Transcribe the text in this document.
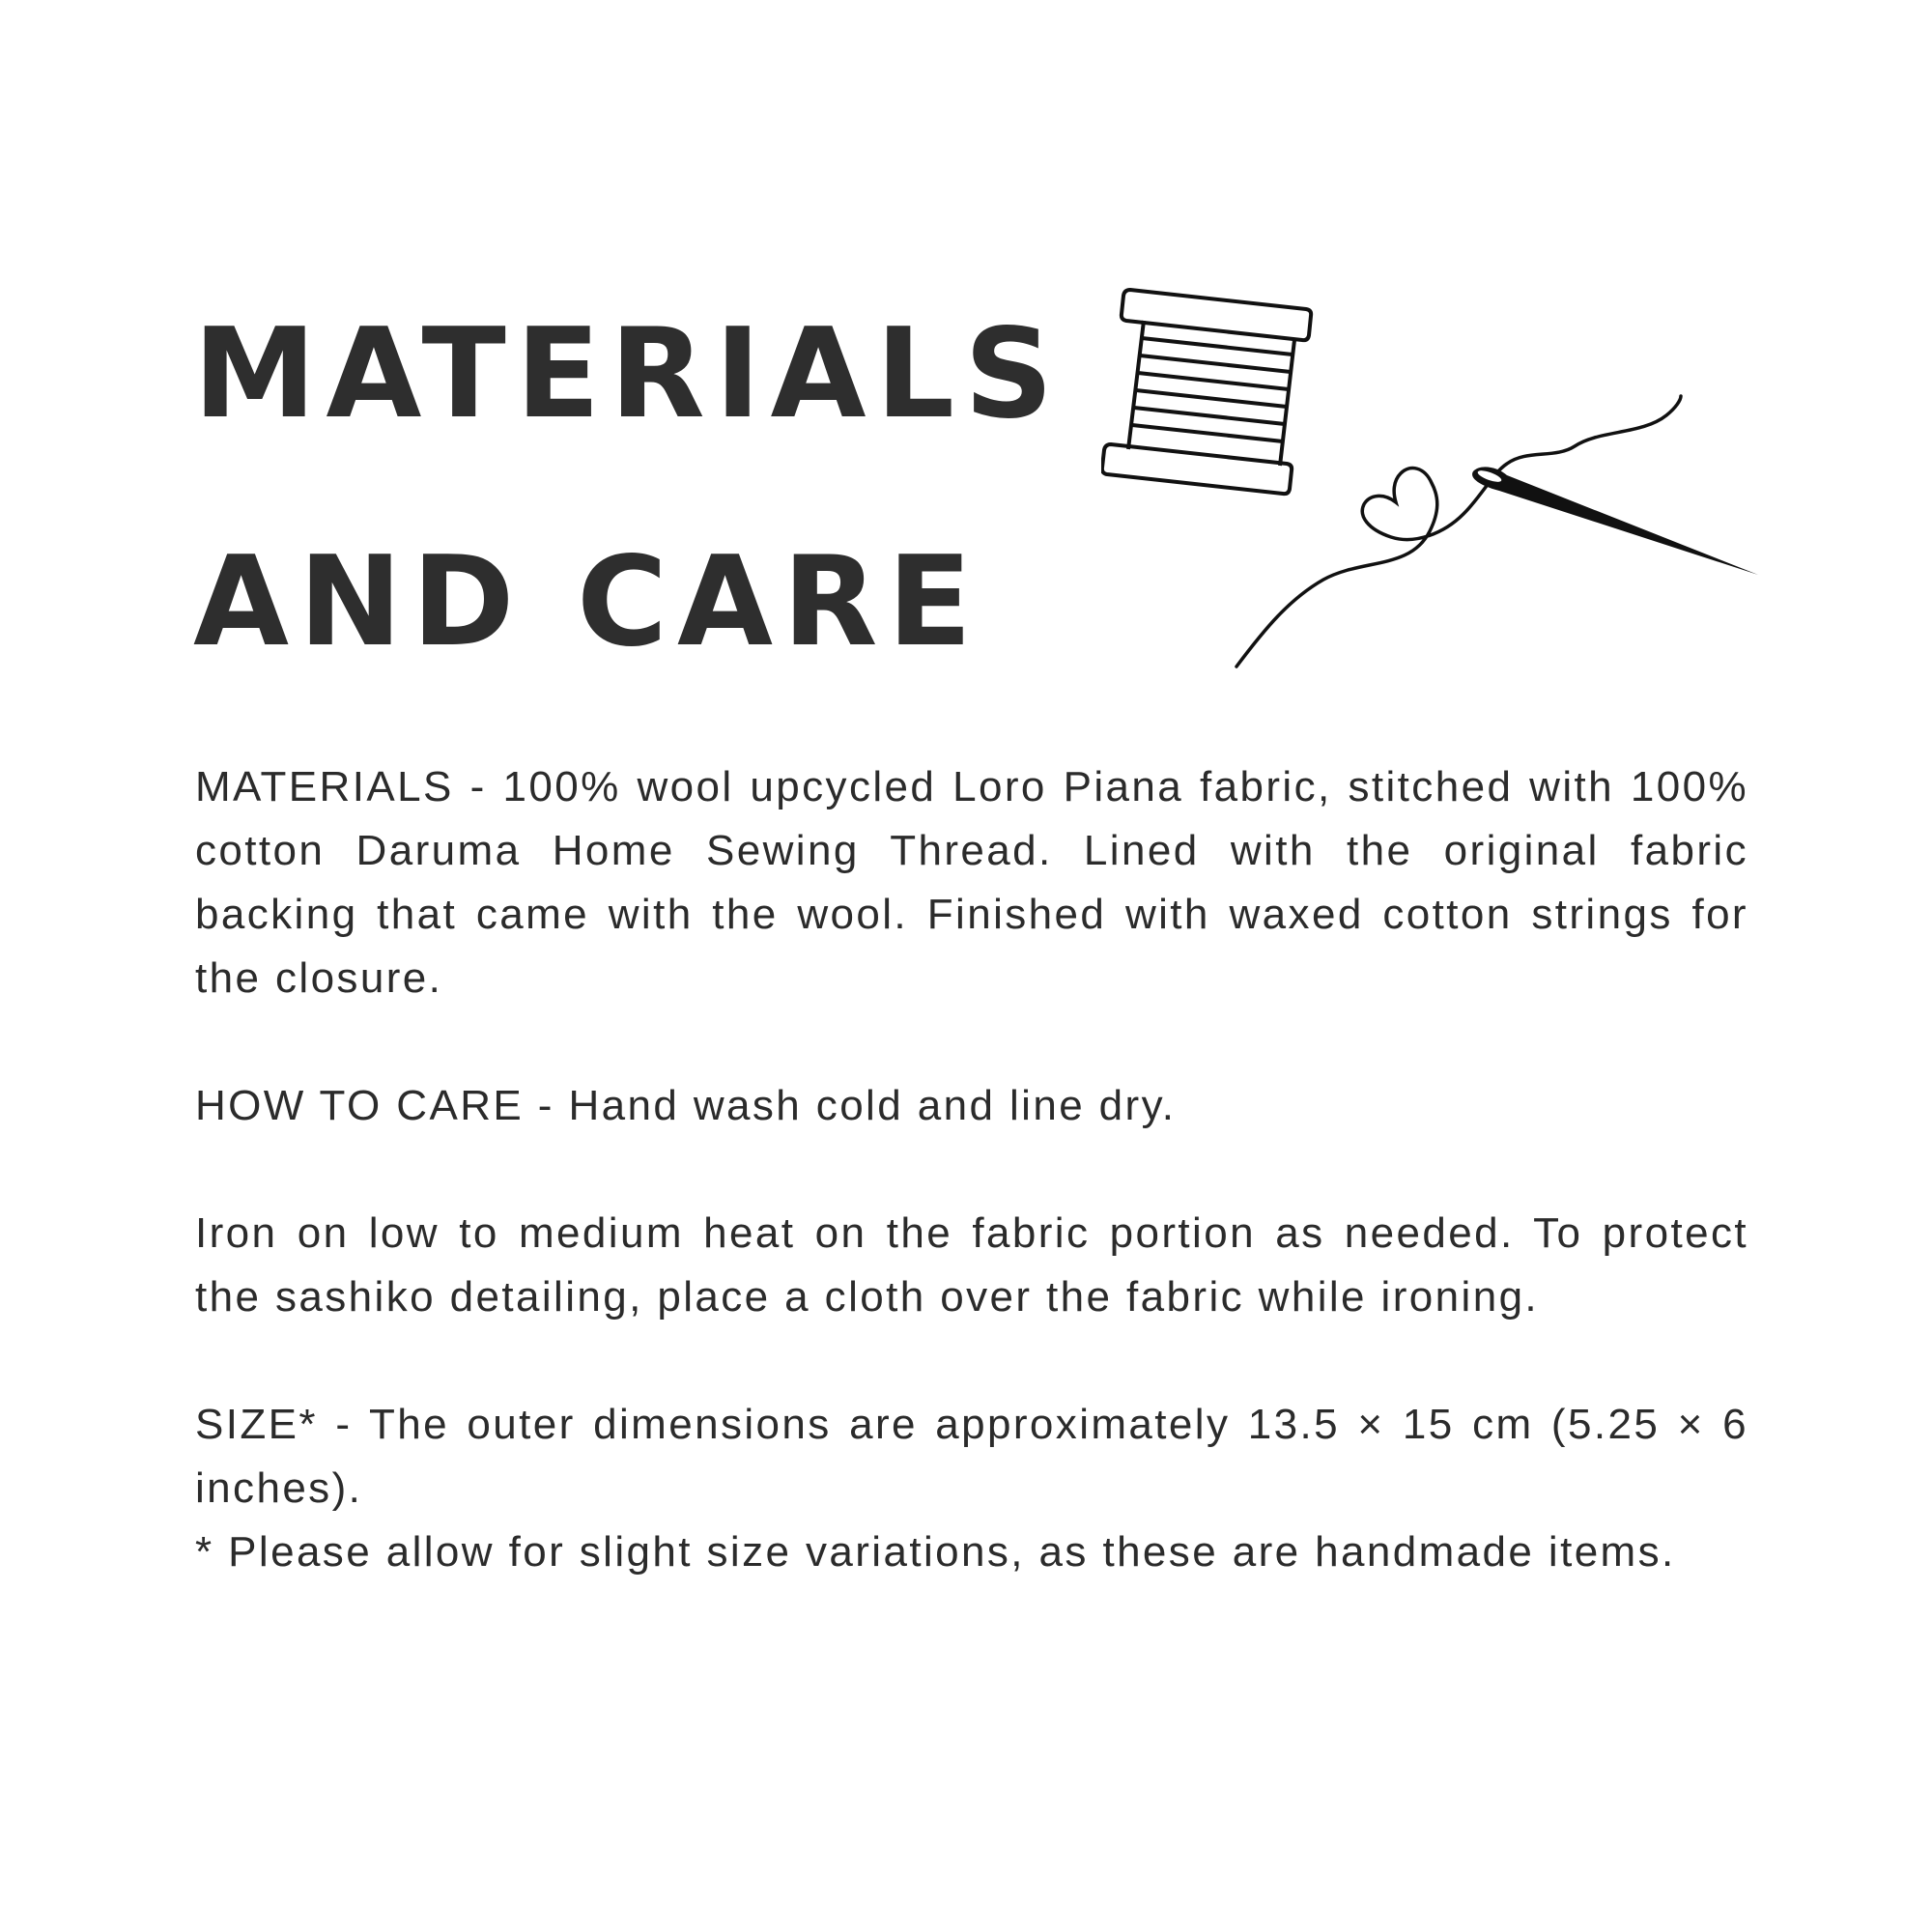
MATERIALS
AND CARE

MATERIALS - 100% wool upcycled Loro Piana fabric, stitched with 100% cotton Daruma Home Sewing Thread. Lined with the original fabric backing that came with the wool. Finished with waxed cotton strings for the closure.

HOW TO CARE - Hand wash cold and line dry.

Iron on low to medium heat on the fabric portion as needed. To protect the sashiko detailing, place a cloth over the fabric while ironing.

SIZE* - The outer dimensions are approximately 13.5 × 15 cm (5.25 × 6 inches).
* Please allow for slight size variations, as these are handmade items.
